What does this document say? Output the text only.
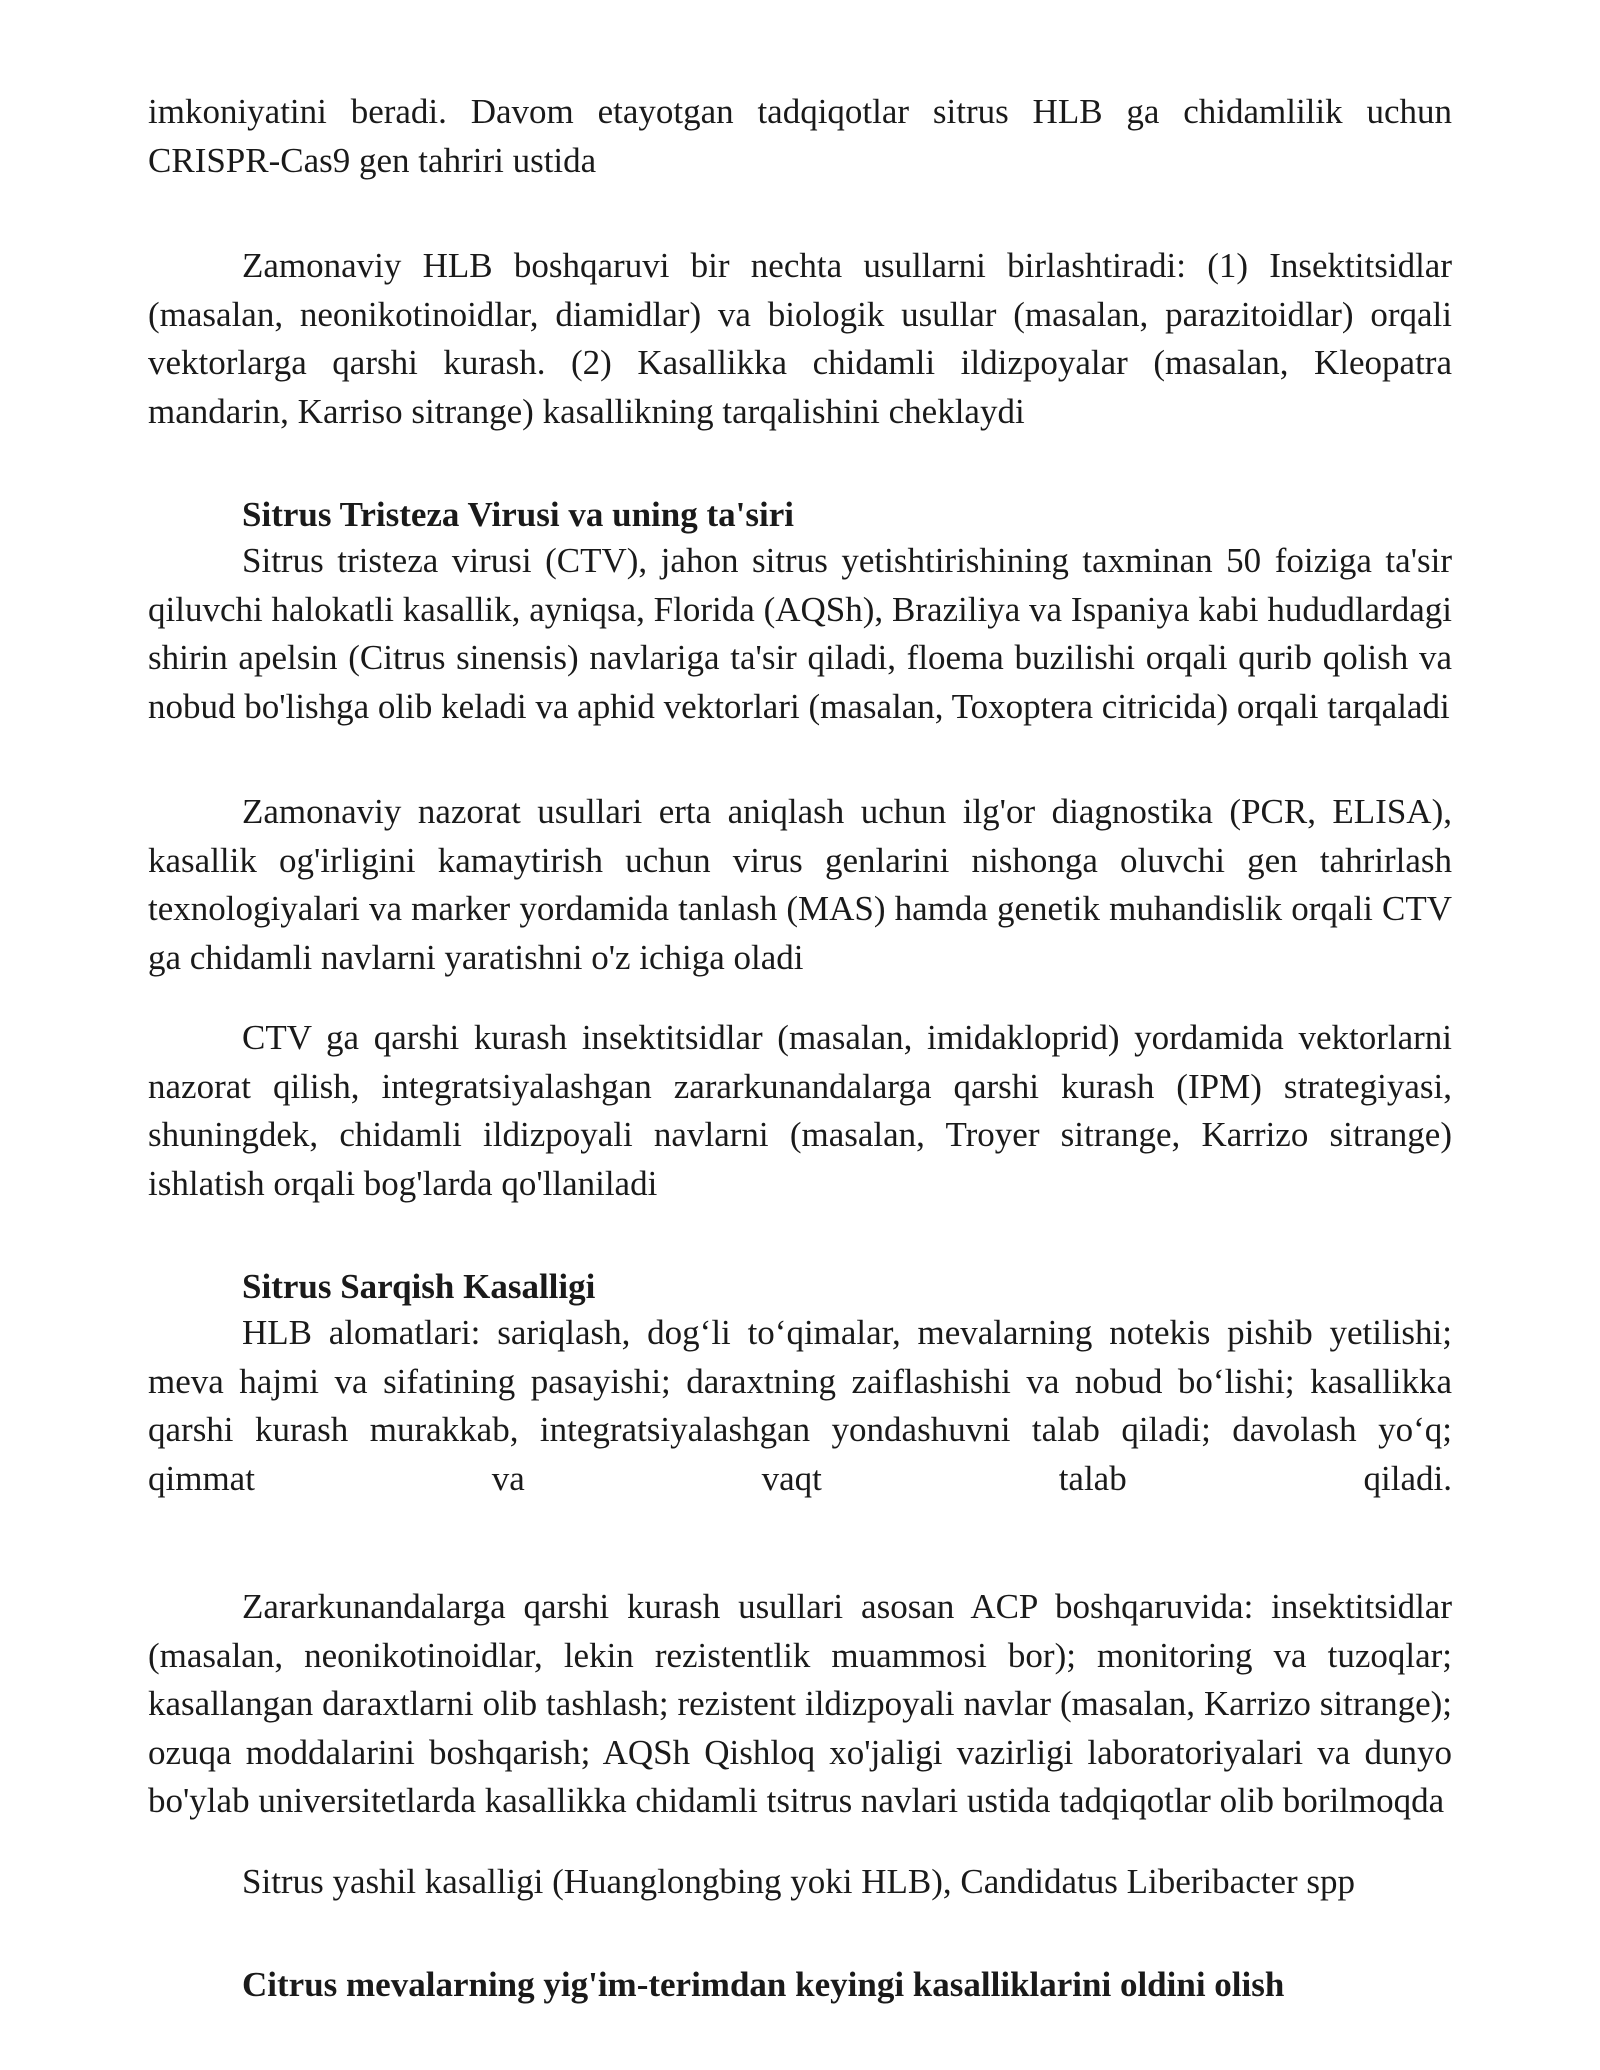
imkoniyatini beradi. Davom etayotgan tadqiqotlar sitrus HLB ga chidamlilik uchun CRISPR-Cas9 gen tahriri ustida

Zamonaviy HLB boshqaruvi bir nechta usullarni birlashtiradi: (1) Insektitsidlar (masalan, neonikotinoidlar, diamidlar) va biologik usullar (masalan, parazitoidlar) orqali vektorlarga qarshi kurash. (2) Kasallikka chidamli ildizpoyalar (masalan, Kleopatra mandarin, Karriso sitrange) kasallikning tarqalishini cheklaydi

Sitrus Tristeza Virusi va uning ta'siri

Sitrus tristeza virusi (CTV), jahon sitrus yetishtirishining taxminan 50 foiziga ta'sir qiluvchi halokatli kasallik, ayniqsa, Florida (AQSh), Braziliya va Ispaniya kabi hududlardagi shirin apelsin (Citrus sinensis) navlariga ta'sir qiladi, floema buzilishi orqali qurib qolish va nobud bo'lishga olib keladi va aphid vektorlari (masalan, Toxoptera citricida) orqali tarqaladi

Zamonaviy nazorat usullari erta aniqlash uchun ilg'or diagnostika (PCR, ELISA), kasallik og'irligini kamaytirish uchun virus genlarini nishonga oluvchi gen tahrirlash texnologiyalari va marker yordamida tanlash (MAS) hamda genetik muhandislik orqali CTV ga chidamli navlarni yaratishni o'z ichiga oladi

CTV ga qarshi kurash insektitsidlar (masalan, imidakloprid) yordamida vektorlarni nazorat qilish, integratsiyalashgan zararkunandalarga qarshi kurash (IPM) strategiyasi, shuningdek, chidamli ildizpoyali navlarni (masalan, Troyer sitrange, Karrizo sitrange) ishlatish orqali bog'larda qo'llaniladi

Sitrus Sarqish Kasalligi

HLB alomatlari: sariqlash, dog‘li to‘qimalar, mevalarning notekis pishib yetilishi; meva hajmi va sifatining pasayishi; daraxtning zaiflashishi va nobud bo‘lishi; kasallikka qarshi kurash murakkab, integratsiyalashgan yondashuvni talab qiladi; davolash yo‘q; qimmat va vaqt talab qiladi.

Zararkunandalarga qarshi kurash usullari asosan ACP boshqaruvida: insektitsidlar (masalan, neonikotinoidlar, lekin rezistentlik muammosi bor); monitoring va tuzoqlar; kasallangan daraxtlarni olib tashlash; rezistent ildizpoyali navlar (masalan, Karrizo sitrange); ozuqa moddalarini boshqarish; AQSh Qishloq xo'jaligi vazirligi laboratoriyalari va dunyo bo'ylab universitetlarda kasallikka chidamli tsitrus navlari ustida tadqiqotlar olib borilmoqda

Sitrus yashil kasalligi (Huanglongbing yoki HLB), Candidatus Liberibacter spp

Citrus mevalarning yig'im-terimdan keyingi kasalliklarini oldini olish
